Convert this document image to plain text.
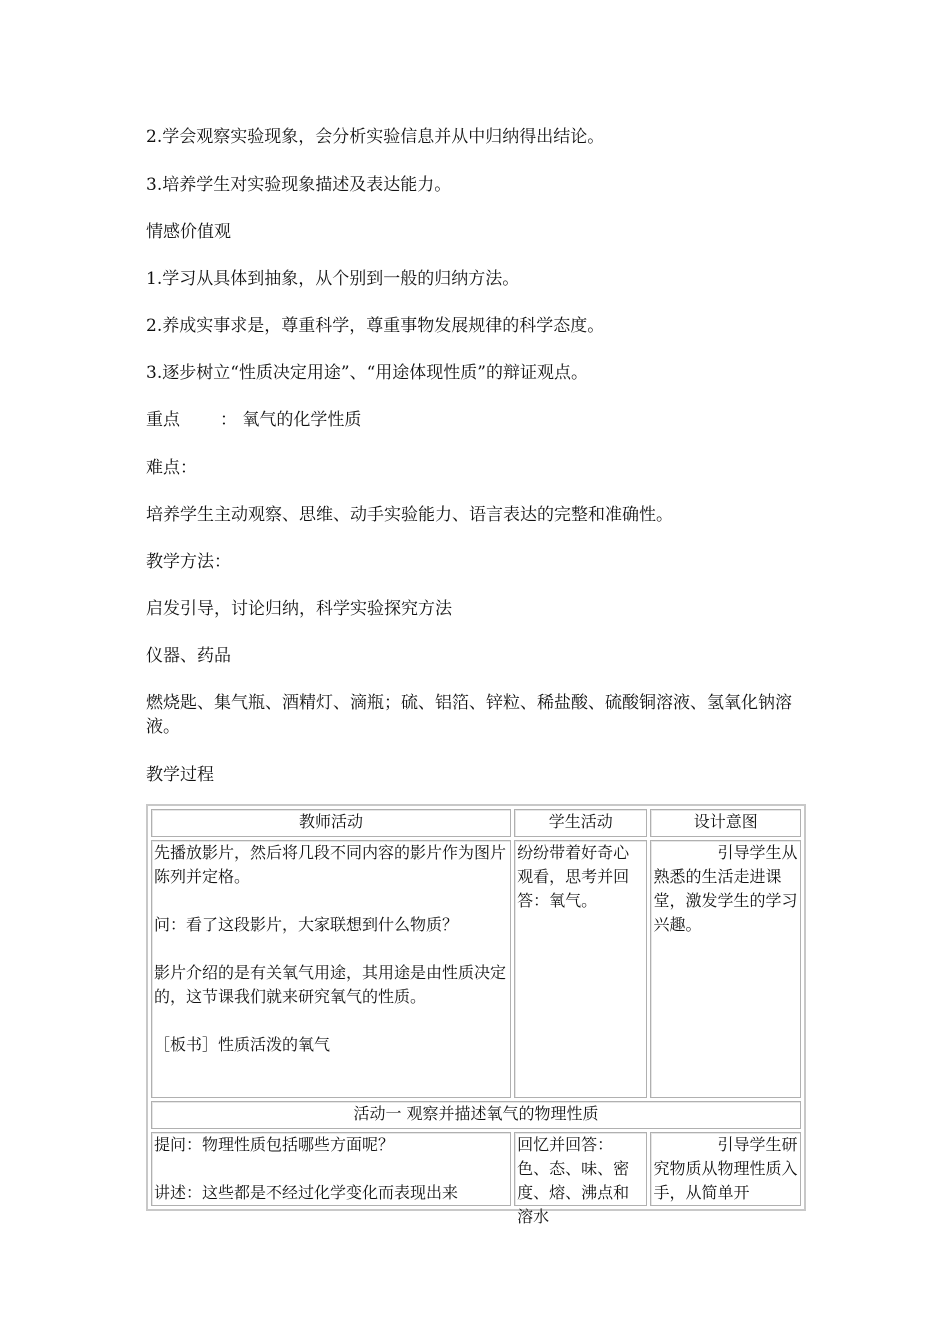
2.学会观察实验现象，会分析实验信息并从中归纳得出结论。
3.培养学生对实验现象描述及表达能力。
情感价值观
1.学习从具体到抽象，从个别到一般的归纳方法。
2.养成实事求是，尊重科学，尊重事物发展规律的科学态度。
3.逐步树立“性质决定用途”、“用途体现性质”的辩证观点。
重点 ： 氧气的化学性质
难点：
培养学生主动观察、思维、动手实验能力、语言表达的完整和准确性。
教学方法：
启发引导，讨论归纳，科学实验探究方法
仪器、药品
燃烧匙、集气瓶、酒精灯、滴瓶；硫、铝箔、锌粒、稀盐酸、硫酸铜溶液、氢氧化钠溶液。
教学过程
教师活动	学生活动	设计意图

先播放影片，然后将几段不同内容的影片作为图片陈列并定格。
问：看了这段影片，大家联想到什么物质？
影片介绍的是有关氧气用途，其用途是由性质决定的，这节课我们就来研究氧气的性质。
［板书］性质活泼的氧气	纷纷带着好奇心观看，思考并回答：氧气。	引导学生从熟悉的生活走进课堂，激发学生的学习兴趣。

活动一 观察并描述氧气的物理性质		

提问：物理性质包括哪些方面呢？
讲述：这些都是不经过化学变化而表现出来	回忆并回答：色、态、味、密度、熔、沸点和溶水	引导学生研究物质从物理性质入手，从简单开
